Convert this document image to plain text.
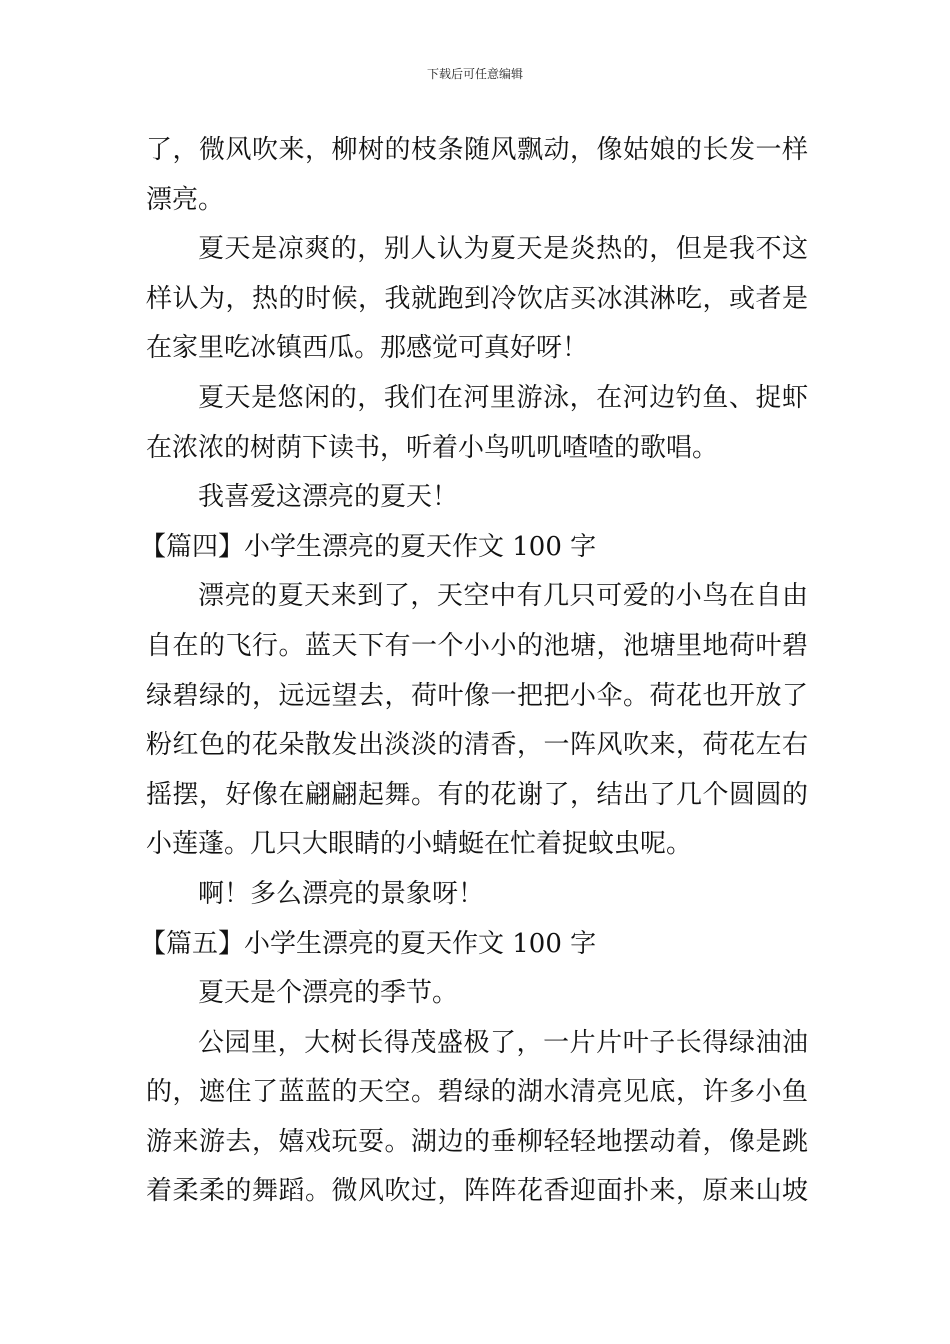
下载后可任意编辑
了，微风吹来，柳树的枝条随风飘动，像姑娘的长发一样
漂亮。
夏天是凉爽的，别人认为夏天是炎热的，但是我不这
样认为，热的时候，我就跑到冷饮店买冰淇淋吃，或者是
在家里吃冰镇西瓜。那感觉可真好呀！
夏天是悠闲的，我们在河里游泳，在河边钓鱼、捉虾
在浓浓的树荫下读书，听着小鸟叽叽喳喳的歌唱。
我喜爱这漂亮的夏天！
【篇四】小学生漂亮的夏天作文 100 字
漂亮的夏天来到了，天空中有几只可爱的小鸟在自由
自在的飞行。蓝天下有一个小小的池塘，池塘里地荷叶碧
绿碧绿的，远远望去，荷叶像一把把小伞。荷花也开放了
粉红色的花朵散发出淡淡的清香，一阵风吹来，荷花左右
摇摆，好像在翩翩起舞。有的花谢了，结出了几个圆圆的
小莲蓬。几只大眼睛的小蜻蜓在忙着捉蚊虫呢。
啊！多么漂亮的景象呀！
【篇五】小学生漂亮的夏天作文 100 字
夏天是个漂亮的季节。
公园里，大树长得茂盛极了，一片片叶子长得绿油油
的，遮住了蓝蓝的天空。碧绿的湖水清亮见底，许多小鱼
游来游去，嬉戏玩耍。湖边的垂柳轻轻地摆动着，像是跳
着柔柔的舞蹈。微风吹过，阵阵花香迎面扑来，原来山坡
